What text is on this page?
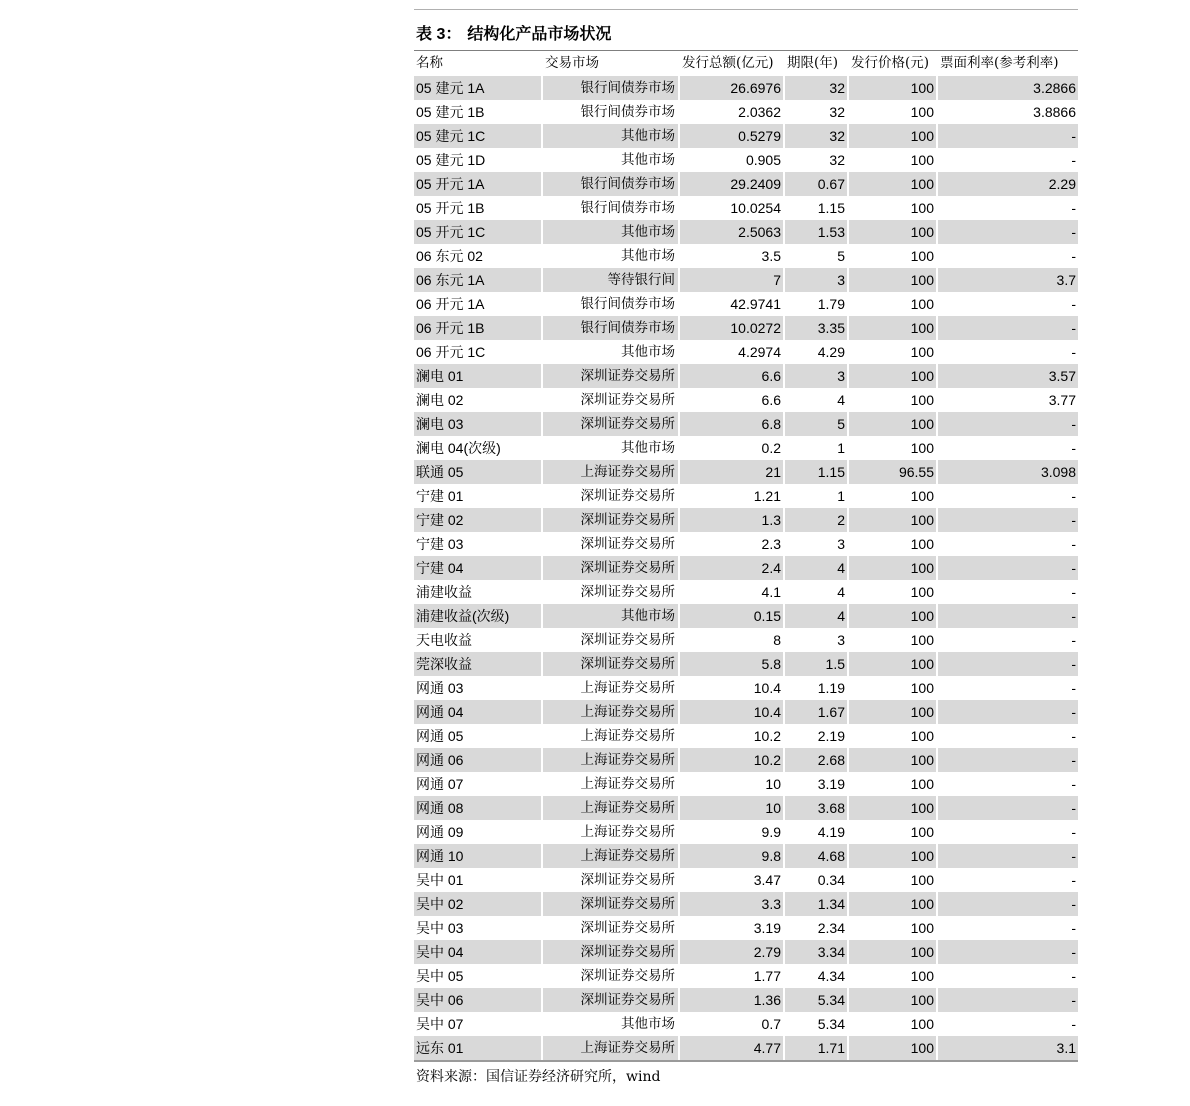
表 3： 结构化产品市场状况
名称	交易市场	发行总额(亿元)	期限(年)	发行价格(元)	票面利率(参考利率)
05 建元 1A	银行间债券市场	26.6976	32	100	3.2866
05 建元 1B	银行间债券市场	2.0362	32	100	3.8866
05 建元 1C	其他市场	0.5279	32	100	-
05 建元 1D	其他市场	0.905	32	100	-
05 开元 1A	银行间债券市场	29.2409	0.67	100	2.29
05 开元 1B	银行间债券市场	10.0254	1.15	100	-
05 开元 1C	其他市场	2.5063	1.53	100	-
06 东元 02	其他市场	3.5	5	100	-
06 东元 1A	等待银行间	7	3	100	3.7
06 开元 1A	银行间债券市场	42.9741	1.79	100	-
06 开元 1B	银行间债券市场	10.0272	3.35	100	-
06 开元 1C	其他市场	4.2974	4.29	100	-
澜电 01	深圳证券交易所	6.6	3	100	3.57
澜电 02	深圳证券交易所	6.6	4	100	3.77
澜电 03	深圳证券交易所	6.8	5	100	-
澜电 04(次级)	其他市场	0.2	1	100	-
联通 05	上海证券交易所	21	1.15	96.55	3.098
宁建 01	深圳证券交易所	1.21	1	100	-
宁建 02	深圳证券交易所	1.3	2	100	-
宁建 03	深圳证券交易所	2.3	3	100	-
宁建 04	深圳证券交易所	2.4	4	100	-
浦建收益	深圳证券交易所	4.1	4	100	-
浦建收益(次级)	其他市场	0.15	4	100	-
天电收益	深圳证券交易所	8	3	100	-
莞深收益	深圳证券交易所	5.8	1.5	100	-
网通 03	上海证券交易所	10.4	1.19	100	-
网通 04	上海证券交易所	10.4	1.67	100	-
网通 05	上海证券交易所	10.2	2.19	100	-
网通 06	上海证券交易所	10.2	2.68	100	-
网通 07	上海证券交易所	10	3.19	100	-
网通 08	上海证券交易所	10	3.68	100	-
网通 09	上海证券交易所	9.9	4.19	100	-
网通 10	上海证券交易所	9.8	4.68	100	-
吴中 01	深圳证券交易所	3.47	0.34	100	-
吴中 02	深圳证券交易所	3.3	1.34	100	-
吴中 03	深圳证券交易所	3.19	2.34	100	-
吴中 04	深圳证券交易所	2.79	3.34	100	-
吴中 05	深圳证券交易所	1.77	4.34	100	-
吴中 06	深圳证券交易所	1.36	5.34	100	-
吴中 07	其他市场	0.7	5.34	100	-
远东 01	上海证券交易所	4.77	1.71	100	3.1
资料来源：国信证券经济研究所，wind
